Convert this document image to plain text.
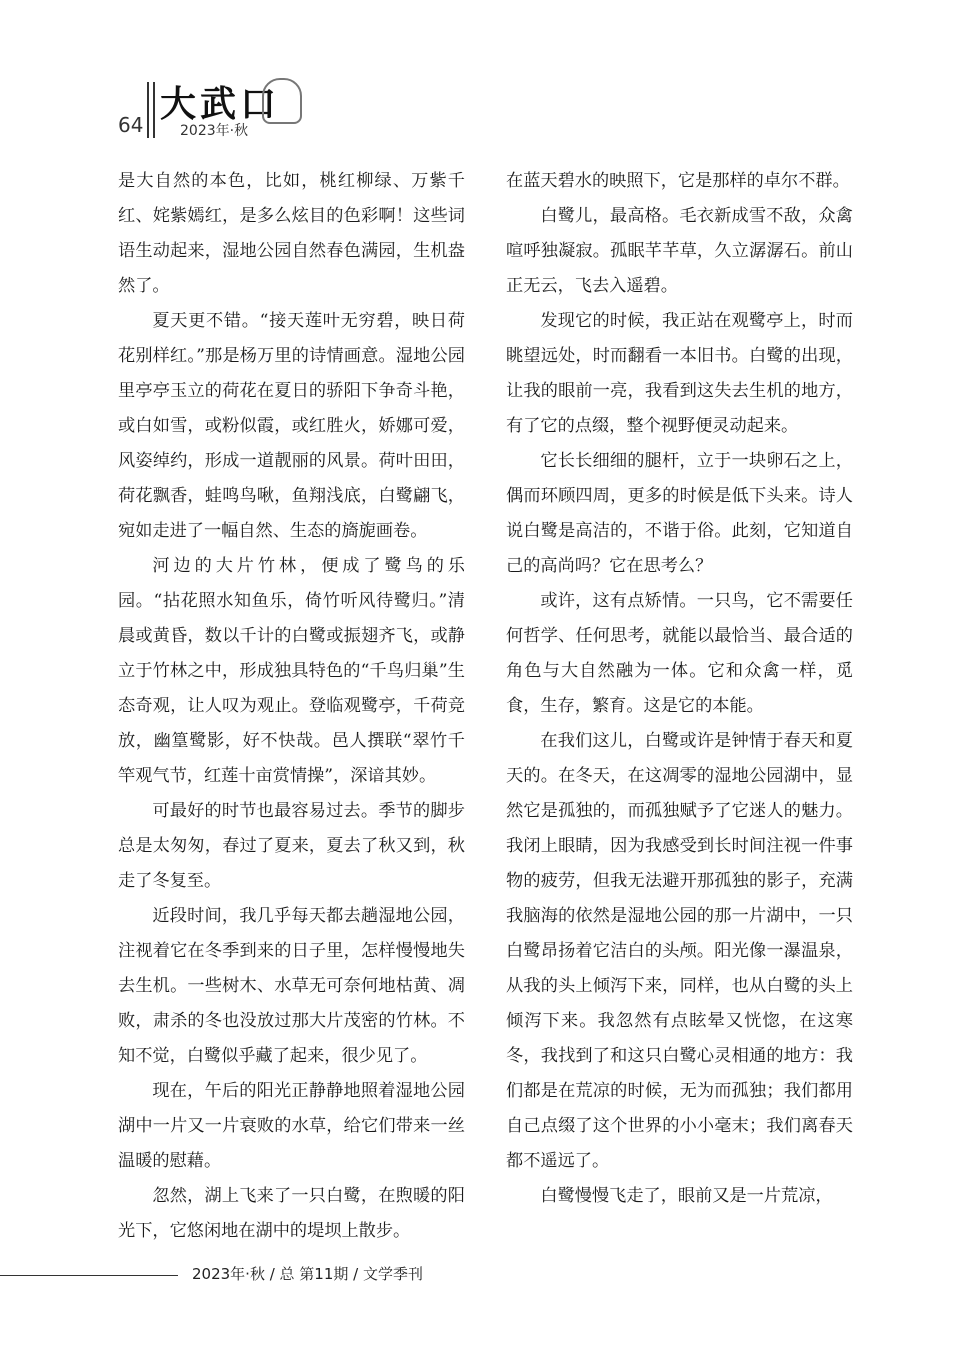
64 大武口
2023年·秋

是大自然的本色，比如，桃红柳绿、万紫千红、姹紫嫣红，是多么炫目的色彩啊！这些词语生动起来，湿地公园自然春色满园，生机盎然了。

夏天更不错。“接天莲叶无穷碧，映日荷花别样红。”那是杨万里的诗情画意。湿地公园里亭亭玉立的荷花在夏日的骄阳下争奇斗艳，或白如雪，或粉似霞，或红胜火，娇娜可爱，风姿绰约，形成一道靓丽的风景。荷叶田田，荷花飘香，蛙鸣鸟啾，鱼翔浅底，白鹭翩飞，宛如走进了一幅自然、生态的旖旎画卷。

河边的大片竹林，便成了鹭鸟的乐园。“拈花照水知鱼乐，倚竹听风待鹭归。”清晨或黄昏，数以千计的白鹭或振翅齐飞，或静立于竹林之中，形成独具特色的“千鸟归巢”生态奇观，让人叹为观止。登临观鹭亭，千荷竞放，幽篁鹭影，好不快哉。邑人撰联“翠竹千竿观气节，红莲十亩赏情操”，深谙其妙。

可最好的时节也最容易过去。季节的脚步总是太匆匆，春过了夏来，夏去了秋又到，秋走了冬复至。

近段时间，我几乎每天都去趟湿地公园，注视着它在冬季到来的日子里，怎样慢慢地失去生机。一些树木、水草无可奈何地枯黄、凋败，肃杀的冬也没放过那大片茂密的竹林。不知不觉，白鹭似乎藏了起来，很少见了。

现在，午后的阳光正静静地照着湿地公园湖中一片又一片衰败的水草，给它们带来一丝温暖的慰藉。

忽然，湖上飞来了一只白鹭，在煦暖的阳光下，它悠闲地在湖中的堤坝上散步。

在蓝天碧水的映照下，它是那样的卓尔不群。

白鹭儿，最高格。毛衣新成雪不敌，众禽喧呼独凝寂。孤眠芊芊草，久立潺潺石。前山正无云，飞去入遥碧。

发现它的时候，我正站在观鹭亭上，时而眺望远处，时而翻看一本旧书。白鹭的出现，让我的眼前一亮，我看到这失去生机的地方，有了它的点缀，整个视野便灵动起来。

它长长细细的腿杆，立于一块卵石之上，偶而环顾四周，更多的时候是低下头来。诗人说白鹭是高洁的，不谐于俗。此刻，它知道自己的高尚吗？它在思考么？

或许，这有点矫情。一只鸟，它不需要任何哲学、任何思考，就能以最恰当、最合适的角色与大自然融为一体。它和众禽一样，觅食，生存，繁育。这是它的本能。

在我们这儿，白鹭或许是钟情于春天和夏天的。在冬天，在这凋零的湿地公园湖中，显然它是孤独的，而孤独赋予了它迷人的魅力。我闭上眼睛，因为我感受到长时间注视一件事物的疲劳，但我无法避开那孤独的影子，充满我脑海的依然是湿地公园的那一片湖中，一只白鹭昂扬着它洁白的头颅。阳光像一瀑温泉，从我的头上倾泻下来，同样，也从白鹭的头上倾泻下来。我忽然有点眩晕又恍惚，在这寒冬，我找到了和这只白鹭心灵相通的地方：我们都是在荒凉的时候，无为而孤独；我们都用自己点缀了这个世界的小小毫末；我们离春天都不遥远了。

白鹭慢慢飞走了，眼前又是一片荒凉，

2023年·秋 / 总 第11期 / 文学季刊
